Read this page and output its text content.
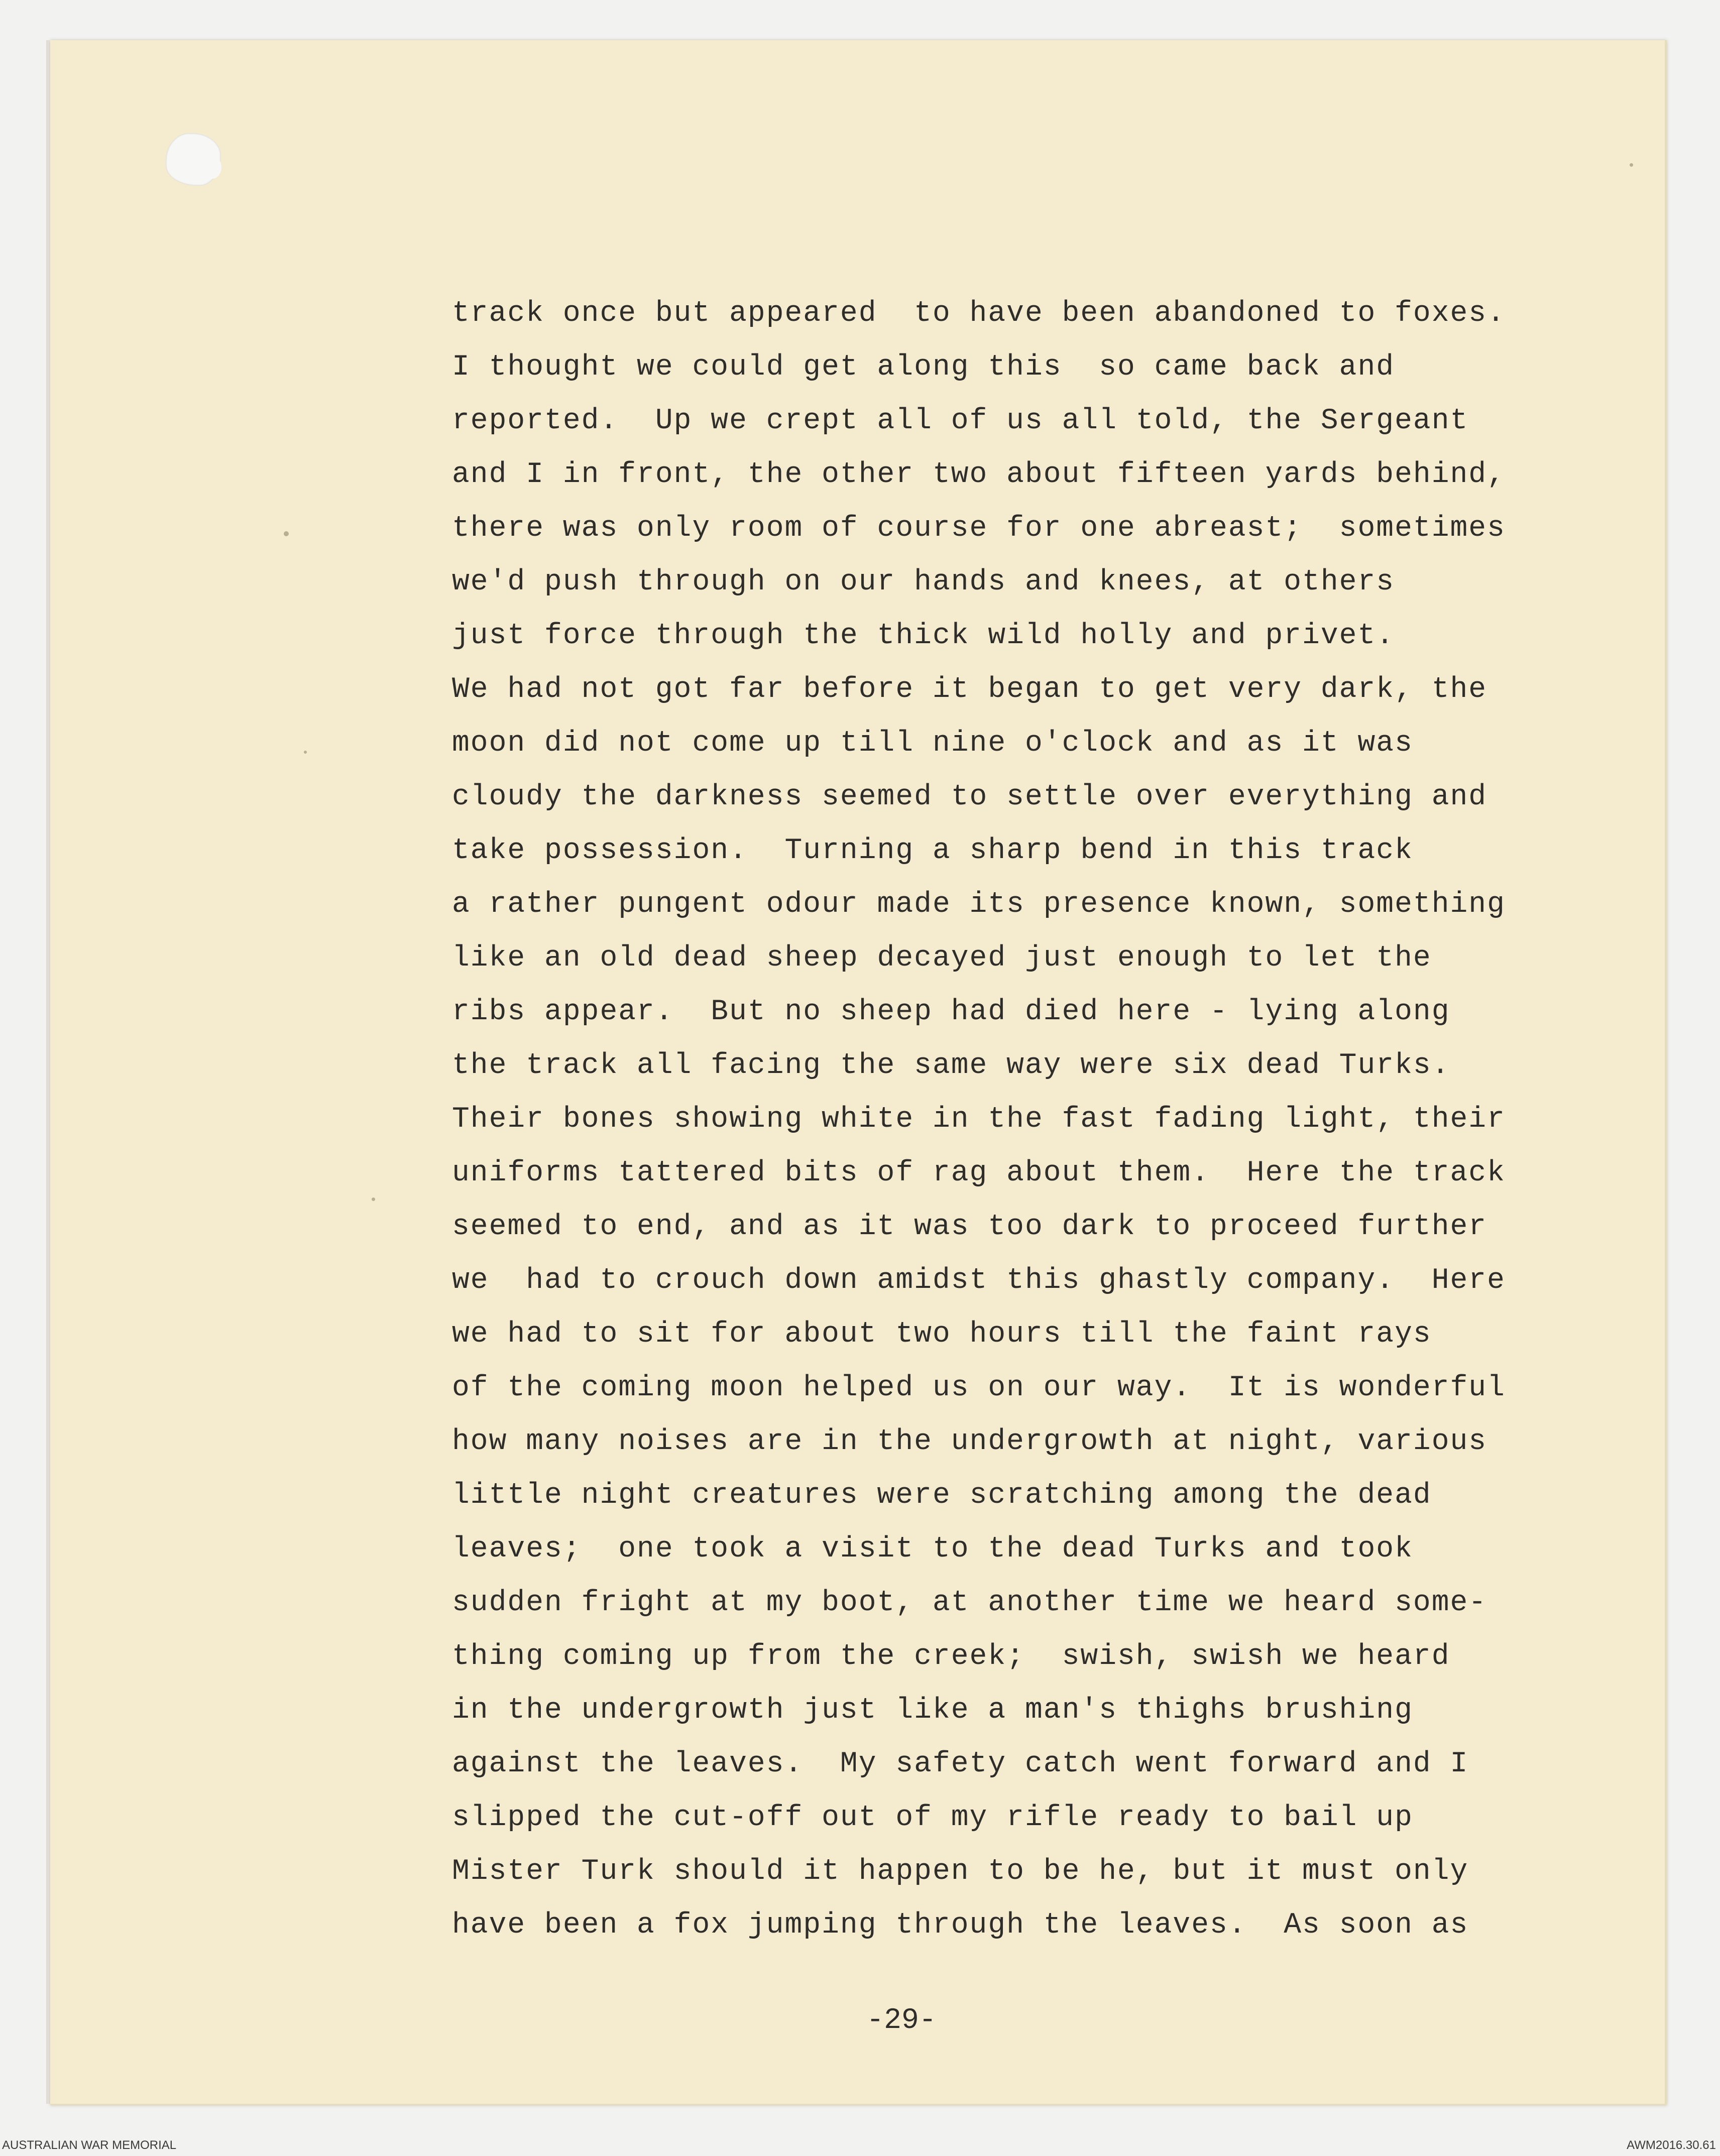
track once but appeared  to have been abandoned to foxes.

I thought we could get along this  so came back and

reported.  Up we crept all of us all told, the Sergeant

and I in front, the other two about fifteen yards behind,

there was only room of course for one abreast;  sometimes

we'd push through on our hands and knees, at others

just force through the thick wild holly and privet.

We had not got far before it began to get very dark, the

moon did not come up till nine o'clock and as it was

cloudy the darkness seemed to settle over everything and

take possession.  Turning a sharp bend in this track

a rather pungent odour made its presence known, something

like an old dead sheep decayed just enough to let the

ribs appear.  But no sheep had died here - lying along

the track all facing the same way were six dead Turks.

Their bones showing white in the fast fading light, their

uniforms tattered bits of rag about them.  Here the track

seemed to end, and as it was too dark to proceed further

we  had to crouch down amidst this ghastly company.  Here

we had to sit for about two hours till the faint rays

of the coming moon helped us on our way.  It is wonderful

how many noises are in the undergrowth at night, various

little night creatures were scratching among the dead

leaves;  one took a visit to the dead Turks and took

sudden fright at my boot, at another time we heard some-

thing coming up from the creek;  swish, swish we heard

in the undergrowth just like a man's thighs brushing

against the leaves.  My safety catch went forward and I

slipped the cut-off out of my rifle ready to bail up

Mister Turk should it happen to be he, but it must only

have been a fox jumping through the leaves.  As soon as

-29-

AUSTRALIAN WAR MEMORIAL	AWM2016.30.61
